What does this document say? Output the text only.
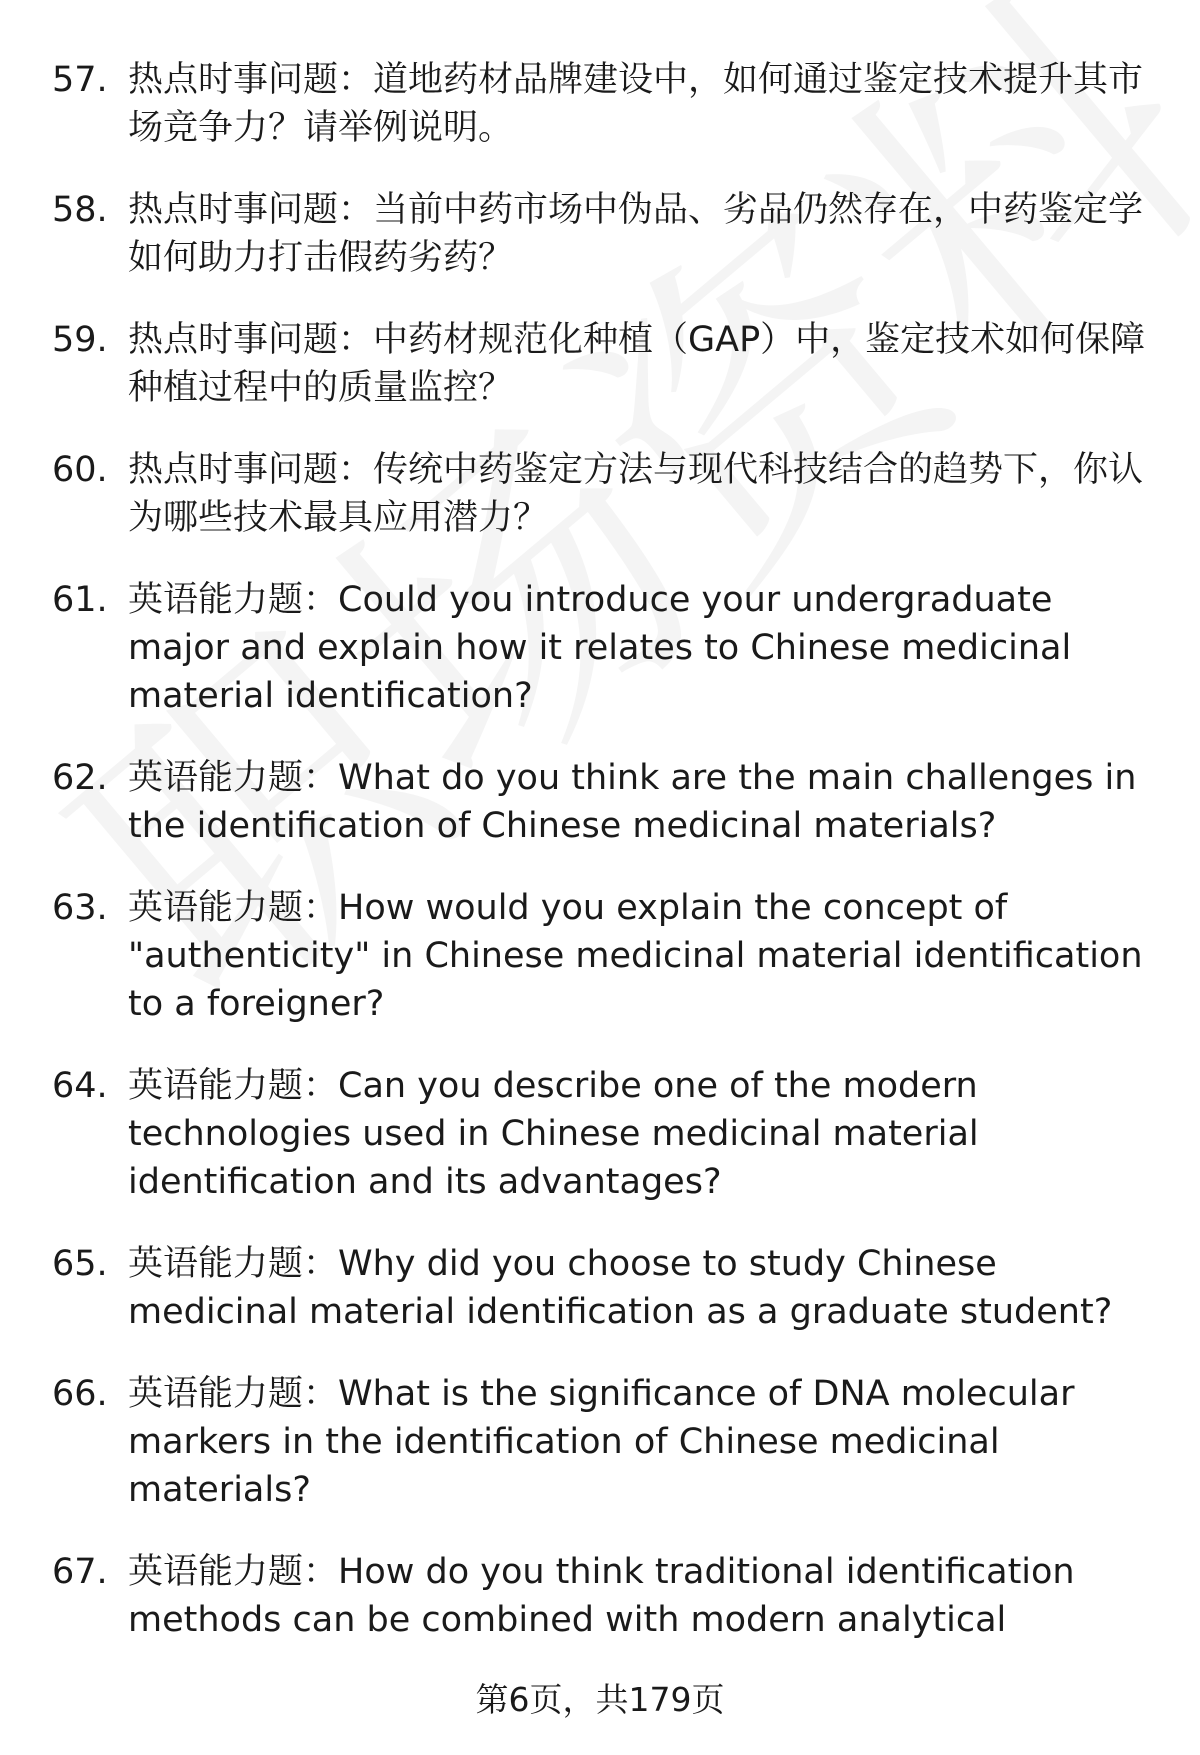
57. 热点时事问题：道地药材品牌建设中，如何通过鉴定技术提升其市场竞争力？请举例说明。
58. 热点时事问题：当前中药市场中伪品、劣品仍然存在，中药鉴定学如何助力打击假药劣药？
59. 热点时事问题：中药材规范化种植（GAP）中，鉴定技术如何保障种植过程中的质量监控？
60. 热点时事问题：传统中药鉴定方法与现代科技结合的趋势下，你认为哪些技术最具应用潜力？
61. 英语能力题：Could you introduce your undergraduate major and explain how it relates to Chinese medicinal material identification?
62. 英语能力题：What do you think are the main challenges in the identification of Chinese medicinal materials?
63. 英语能力题：How would you explain the concept of "authenticity" in Chinese medicinal material identification to a foreigner?
64. 英语能力题：Can you describe one of the modern technologies used in Chinese medicinal material identification and its advantages?
65. 英语能力题：Why did you choose to study Chinese medicinal material identification as a graduate student?
66. 英语能力题：What is the significance of DNA molecular markers in the identification of Chinese medicinal materials?
67. 英语能力题：How do you think traditional identification methods can be combined with modern analytical
第6页，共179页
